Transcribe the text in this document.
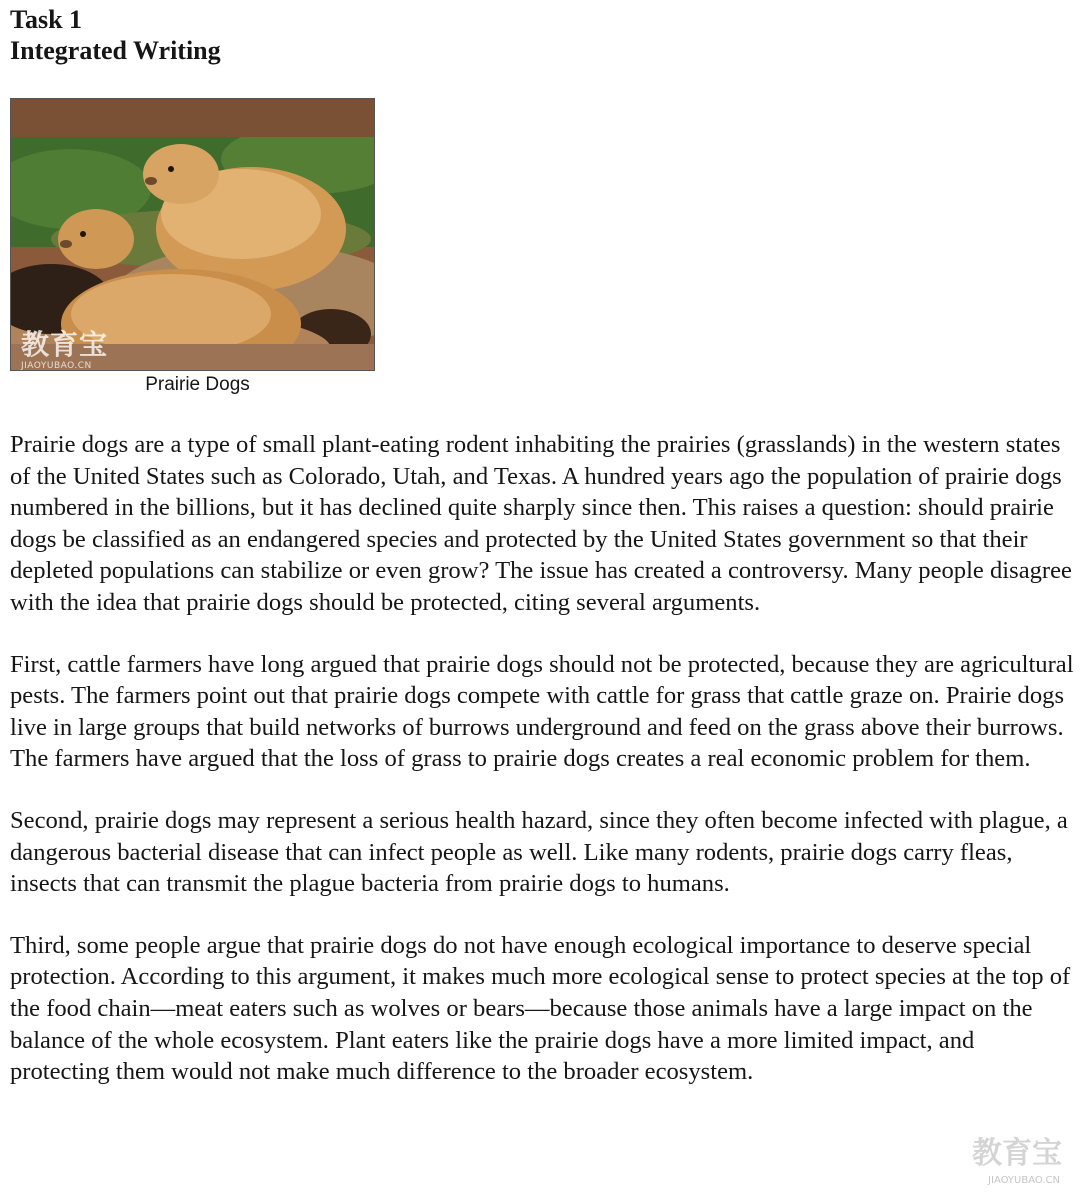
Task 1
Integrated Writing
教育宝
JIAOYUBAO.CN
Prairie Dogs

Prairie dogs are a type of small plant-eating rodent inhabiting the prairies (grasslands) in the western states of the United States such as Colorado, Utah, and Texas. A hundred years ago the population of prairie dogs numbered in the billions, but it has declined quite sharply since then. This raises a question: should prairie dogs be classified as an endangered species and protected by the United States government so that their depleted populations can stabilize or even grow? The issue has created a controversy. Many people disagree with the idea that prairie dogs should be protected, citing several arguments.

First, cattle farmers have long argued that prairie dogs should not be protected, because they are agricultural pests. The farmers point out that prairie dogs compete with cattle for grass that cattle graze on. Prairie dogs live in large groups that build networks of burrows underground and feed on the grass above their burrows. The farmers have argued that the loss of grass to prairie dogs creates a real economic problem for them.

Second, prairie dogs may represent a serious health hazard, since they often become infected with plague, a dangerous bacterial disease that can infect people as well. Like many rodents, prairie dogs carry fleas, insects that can transmit the plague bacteria from prairie dogs to humans.

Third, some people argue that prairie dogs do not have enough ecological importance to deserve special protection. According to this argument, it makes much more ecological sense to protect species at the top of the food chain—meat eaters such as wolves or bears—because those animals have a large impact on the balance of the whole ecosystem. Plant eaters like the prairie dogs have a more limited impact, and protecting them would not make much difference to the broader ecosystem.

教育宝
JIAOYUBAO.CN
